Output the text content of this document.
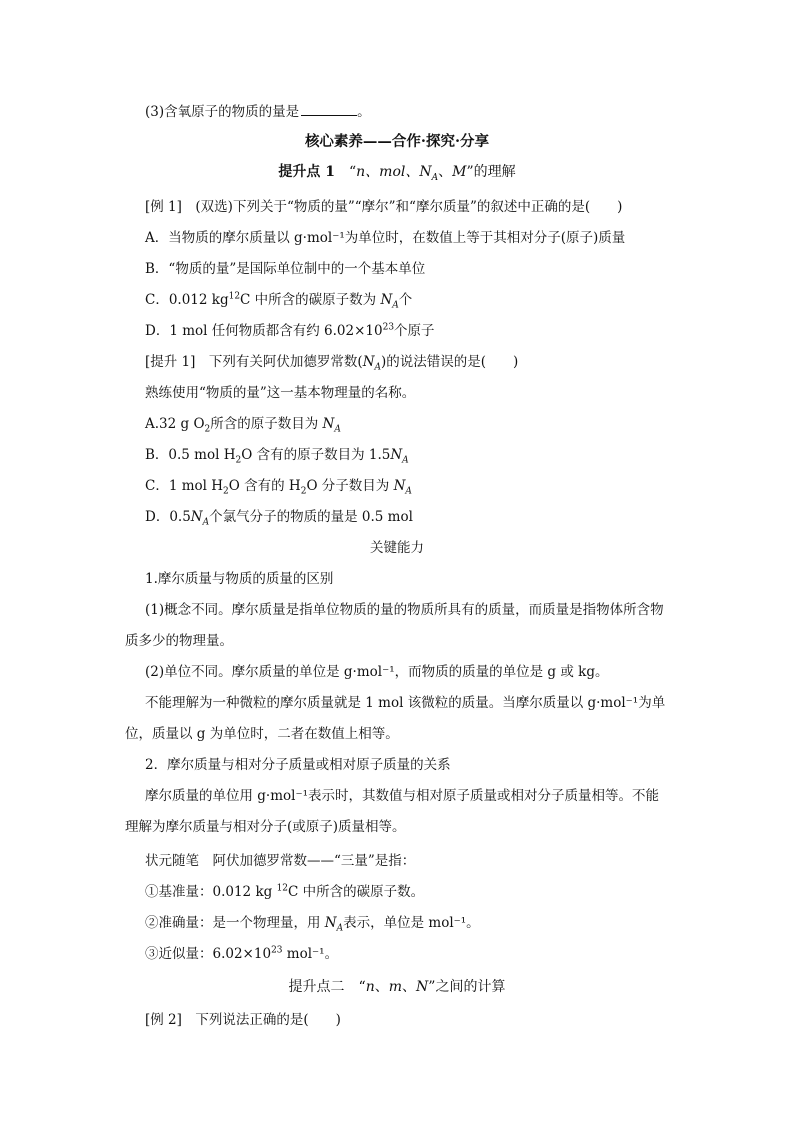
(3)含氧原子的物质的量是	。
核心素养——合作·探究·分享
提升点 1　 “n、mol、$N_A$、M”的理解
[例 1]　(双选)下列关于“物质的量”“摩尔”和“摩尔质量”的叙述中正确的是(　　)
A．当物质的摩尔质量以 g·mol⁻¹为单位时，在数值上等于其相对分子(原子)质量
B．“物质的量”是国际单位制中的一个基本单位
C．0.012 $kg^{12}C$ 中所含的碳原子数为 $N_A$个
D．1 mol 任何物质都含有约 $6.02\times 10^{23}$个原子
[提升 1]　下列有关阿伏加德罗常数$(N_A)$的说法错误的是(　　)
熟练使用“物质的量”这一基本物理量的名称。
A.32 g $O_2$所含的原子数目为 $N_A$
B．0.5 mol $H_2O$ 含有的原子数目为 $1.5N_A$
C．1 mol $H_2O$ 含有的 $H_2O$ 分子数目为 $N_A$
D．$0.5N_A$个氯气分子的物质的量是 0.5 mol
关键能力
1.摩尔质量与物质的质量的区别
(1)概念不同。摩尔质量是指单位物质的量的物质所具有的质量，而质量是指物体所含物
质多少的物理量。
(2)单位不同。摩尔质量的单位是 g·mol⁻¹，而物质的质量的单位是 g 或 kg。
不能理解为一种微粒的摩尔质量就是 1 mol 该微粒的质量。当摩尔质量以 g·mol⁻¹为单
位，质量以 g 为单位时，二者在数值上相等。
2．摩尔质量与相对分子质量或相对原子质量的关系
摩尔质量的单位用 g·mol⁻¹表示时，其数值与相对原子质量或相对分子质量相等。不能
理解为摩尔质量与相对分子(或原子)质量相等。
状元随笔　阿伏加德罗常数——“三量”是指：
①基准量：0.012 kg $^{12}$C 中所含的碳原子数。
②准确量：是一个物理量，用 $N_A$表示，单位是 mol⁻¹。
③近似量：$6.02\times 10^{23}$ mol⁻¹。
提升点二　“n、m、N”之间的计算
[例 2]　下列说法正确的是(　　)
